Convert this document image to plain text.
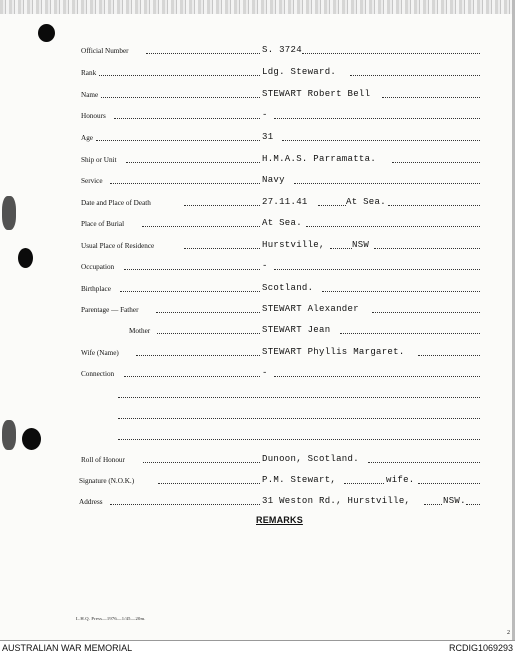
Official Number	S. 3724
Rank	Ldg. Steward.
Name	STEWART Robert Bell
Honours	-
Age	31
Ship or Unit	H.M.A.S. Parramatta.
Service	Navy
Date and Place of Death	27.11.41	At Sea.
Place of Burial	At Sea.
Usual Place of Residence	Hurstville,	NSW
Occupation	-
Birthplace	Scotland.
Parentage — Father	STEWART Alexander
Mother	STEWART Jean
Wife (Name)	STEWART Phyllis Margaret.
Connection	-
Roll of Honour	Dunoon, Scotland.
Signature (N.O.K.)	P.M. Stewart,	wife.
Address	31 Weston Rd., Hurstville,	NSW.
REMARKS
L.H.Q. Press—1976—1/45—20m.
2
AUSTRALIAN WAR MEMORIAL	RCDIG1069293
